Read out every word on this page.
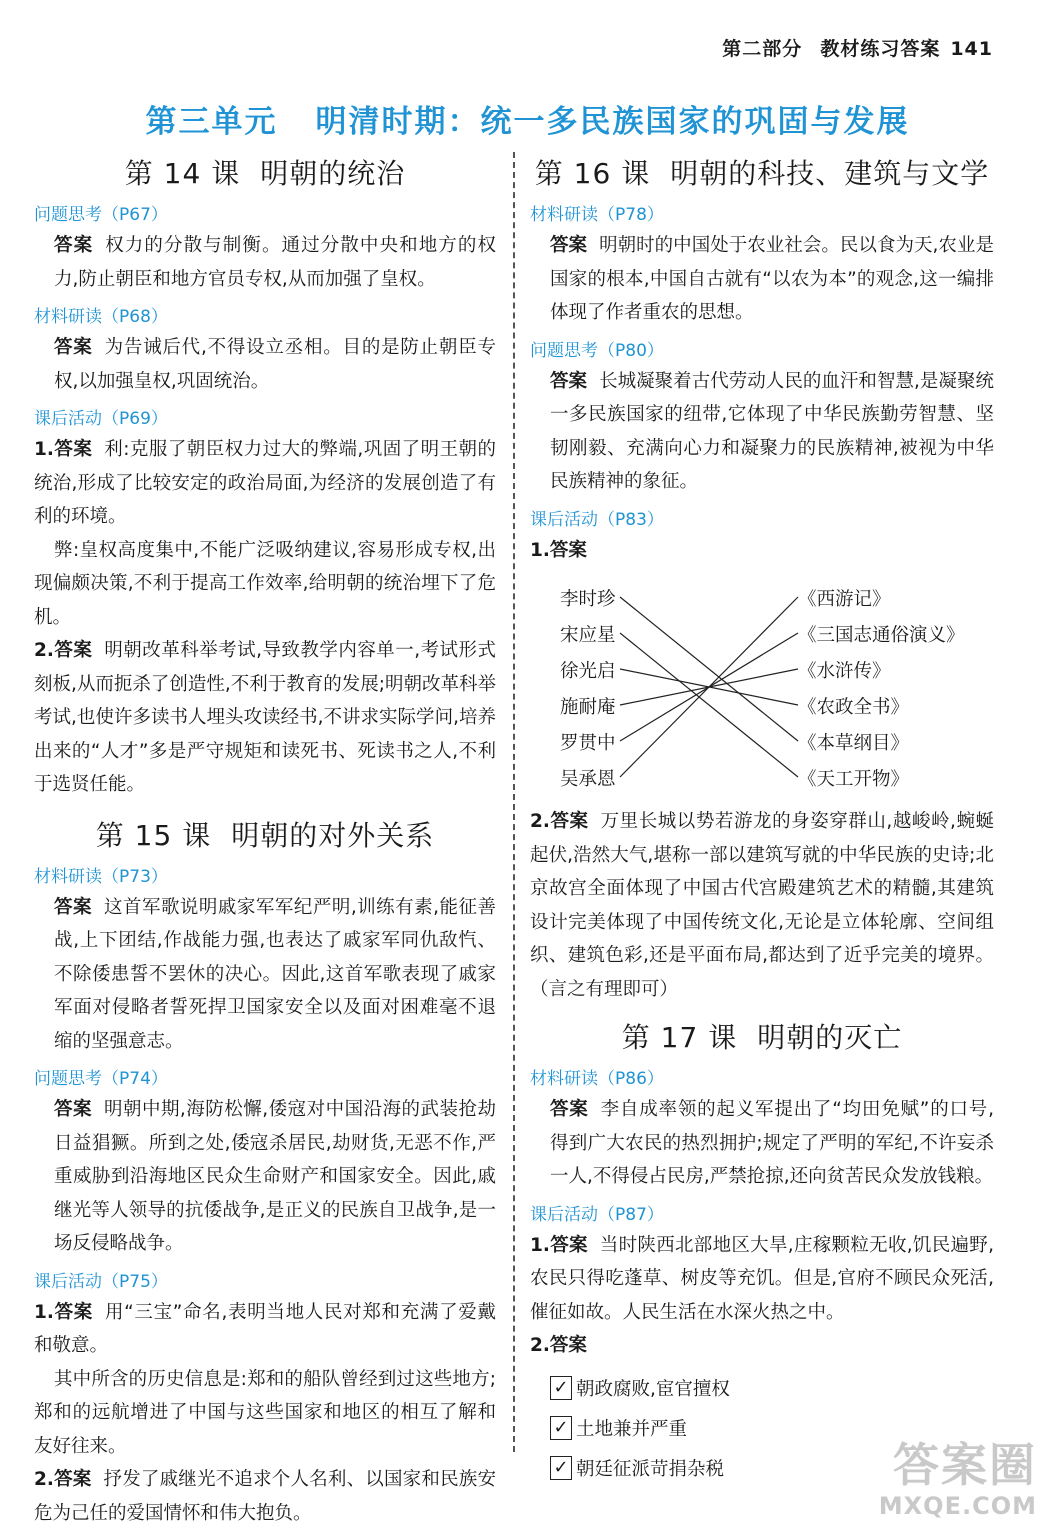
第二部分 教材练习答案 141
第三单元 明清时期：统一多民族国家的巩固与发展
第 14 课 明朝的统治
问题思考（P67）

答案 权力的分散与制衡。通过分散中央和地方的权力,防止朝臣和地方官员专权,从而加强了皇权。

材料研读（P68）

答案 为告诫后代,不得设立丞相。目的是防止朝臣专权,以加强皇权,巩固统治。

课后活动（P69）

1.答案 利:克服了朝臣权力过大的弊端,巩固了明王朝的统治,形成了比较安定的政治局面,为经济的发展创造了有利的环境。

弊:皇权高度集中,不能广泛吸纳建议,容易形成专权,出现偏颇决策,不利于提高工作效率,给明朝的统治埋下了危机。

2.答案 明朝改革科举考试,导致教学内容单一,考试形式刻板,从而扼杀了创造性,不利于教育的发展;明朝改革科举考试,也使许多读书人埋头攻读经书,不讲求实际学问,培养出来的“人才”多是严守规矩和读死书、死读书之人,不利于选贤任能。

第 15 课 明朝的对外关系
材料研读（P73）

答案 这首军歌说明戚家军军纪严明,训练有素,能征善战,上下团结,作战能力强,也表达了戚家军同仇敌忾、不除倭患誓不罢休的决心。因此,这首军歌表现了戚家军面对侵略者誓死捍卫国家安全以及面对困难毫不退缩的坚强意志。

问题思考（P74）

答案 明朝中期,海防松懈,倭寇对中国沿海的武装抢劫日益猖獗。所到之处,倭寇杀居民,劫财货,无恶不作,严重威胁到沿海地区民众生命财产和国家安全。因此,戚继光等人领导的抗倭战争,是正义的民族自卫战争,是一场反侵略战争。

课后活动（P75）

1.答案 用“三宝”命名,表明当地人民对郑和充满了爱戴和敬意。

其中所含的历史信息是:郑和的船队曾经到过这些地方;郑和的远航增进了中国与这些国家和地区的相互了解和友好往来。

2.答案 抒发了戚继光不追求个人名利、以国家和民族安危为己任的爱国情怀和伟大抱负。

第 16 课 明朝的科技、建筑与文学
材料研读（P78）

答案 明朝时的中国处于农业社会。民以食为天,农业是国家的根本,中国自古就有“以农为本”的观念,这一编排体现了作者重农的思想。

问题思考（P80）

答案 长城凝聚着古代劳动人民的血汗和智慧,是凝聚统一多民族国家的纽带,它体现了中华民族勤劳智慧、坚韧刚毅、充满向心力和凝聚力的民族精神,被视为中华民族精神的象征。

课后活动（P83）

1.答案

李时珍
宋应星
徐光启
施耐庵
罗贯中
吴承恩
《西游记》
《三国志通俗演义》
《水浒传》
《农政全书》
《本草纲目》
《天工开物》

2.答案 万里长城以势若游龙的身姿穿群山,越峻岭,蜿蜒起伏,浩然大气,堪称一部以建筑写就的中华民族的史诗;北京故宫全面体现了中国古代宫殿建筑艺术的精髓,其建筑设计完美体现了中国传统文化,无论是立体轮廓、空间组织、建筑色彩,还是平面布局,都达到了近乎完美的境界。（言之有理即可）

第 17 课 明朝的灭亡
材料研读（P86）

答案 李自成率领的起义军提出了“均田免赋”的口号,得到广大农民的热烈拥护;规定了严明的军纪,不许妄杀一人,不得侵占民房,严禁抢掠,还向贫苦民众发放钱粮。

课后活动（P87）

1.答案 当时陕西北部地区大旱,庄稼颗粒无收,饥民遍野,农民只得吃蓬草、树皮等充饥。但是,官府不顾民众死活,催征如故。人民生活在水深火热之中。

2.答案

✓ 朝政腐败,宦官擅权
✓ 土地兼并严重
✓ 朝廷征派苛捐杂税	答案圈
MXQE.COM
